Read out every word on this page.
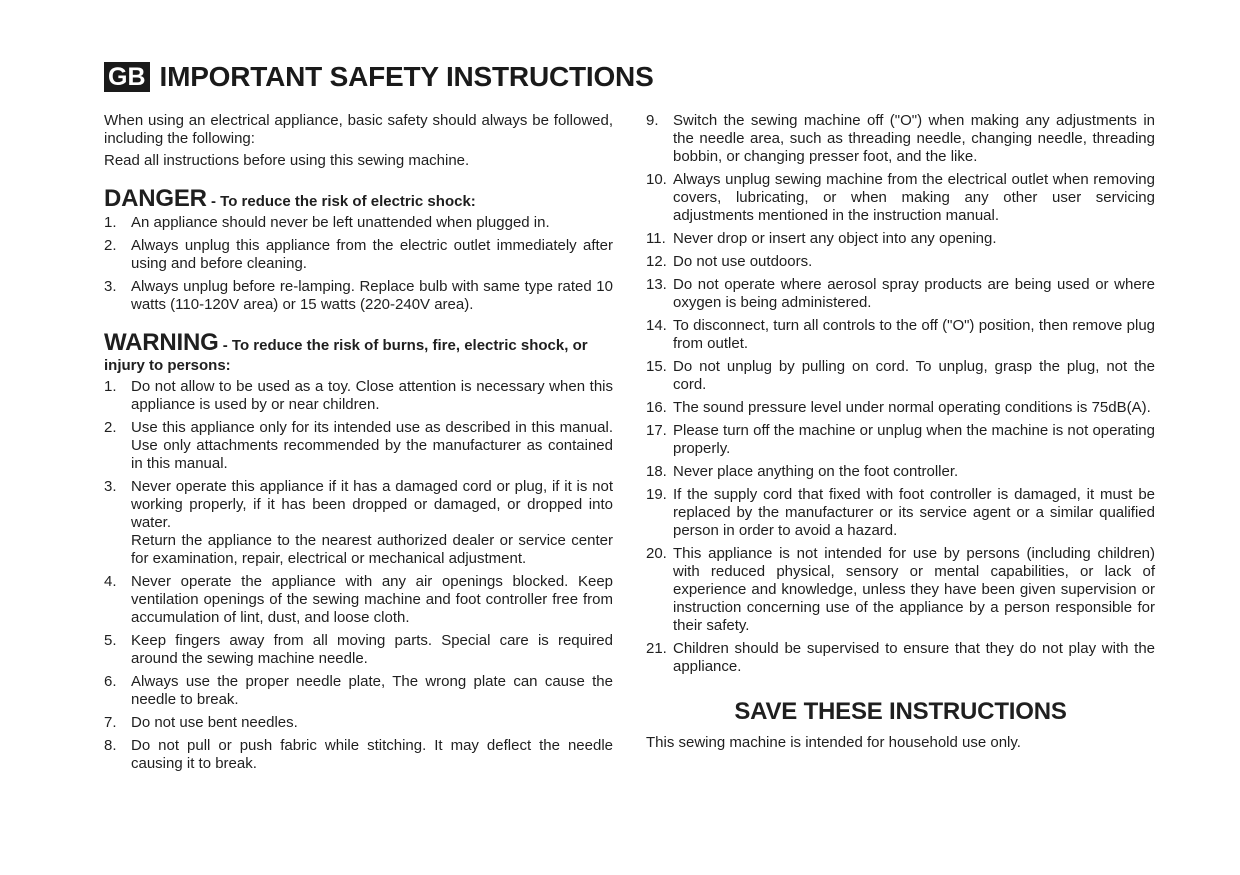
GB IMPORTANT SAFETY INSTRUCTIONS

When using an electrical appliance, basic safety should always be followed, including the following:

Read all instructions before using this sewing machine.

DANGER - To reduce the risk of electric shock:
1. An appliance should never be left unattended when plugged in.
2. Always unplug this appliance from the electric outlet immediately after using and before cleaning.
3. Always unplug before re-lamping. Replace bulb with same type rated 10 watts (110-120V area) or 15 watts (220-240V area).
WARNING - To reduce the risk of burns, fire, electric shock, or injury to persons:
1. Do not allow to be used as a toy. Close attention is necessary when this appliance is used by or near children.
2. Use this appliance only for its intended use as described in this manual. Use only attachments recommended by the manufacturer as contained in this manual.
3. Never operate this appliance if it has a damaged cord or plug, if it is not working properly, if it has been dropped or damaged, or dropped into water.
Return the appliance to the nearest authorized dealer or service center for examination, repair, electrical or mechanical adjustment.
4. Never operate the appliance with any air openings blocked. Keep ventilation openings of the sewing machine and foot controller free from accumulation of lint, dust, and loose cloth.
5. Keep fingers away from all moving parts. Special care is required around the sewing machine needle.
6. Always use the proper needle plate, The wrong plate can cause the needle to break.
7. Do not use bent needles.
8. Do not pull or push fabric while stitching. It may deflect the needle causing it to break.
9. Switch the sewing machine off ("O") when making any adjustments in the needle area, such as threading needle, changing needle, threading bobbin, or changing presser foot, and the like.
10. Always unplug sewing machine from the electrical outlet when removing covers, lubricating, or when making any other user servicing adjustments mentioned in the instruction manual.
11. Never drop or insert any object into any opening.
12. Do not use outdoors.
13. Do not operate where aerosol spray products are being used or where oxygen is being administered.
14. To disconnect, turn all controls to the off ("O") position, then remove plug from outlet.
15. Do not unplug by pulling on cord. To unplug, grasp the plug, not the cord.
16. The sound pressure level under normal operating conditions is 75dB(A).
17. Please turn off the machine or unplug when the machine is not operating properly.
18. Never place anything on the foot controller.
19. If the supply cord that fixed with foot controller is damaged, it must be replaced by the manufacturer or its service agent or a similar qualified person in order to avoid a hazard.
20. This appliance is not intended for use by persons (including children) with reduced physical, sensory or mental capabilities, or lack of experience and knowledge, unless they have been given supervision or instruction concerning use of the appliance by a person responsible for their safety.
21. Children should be supervised to ensure that they do not play with the appliance.
SAVE THESE INSTRUCTIONS

This sewing machine is intended for household use only.
